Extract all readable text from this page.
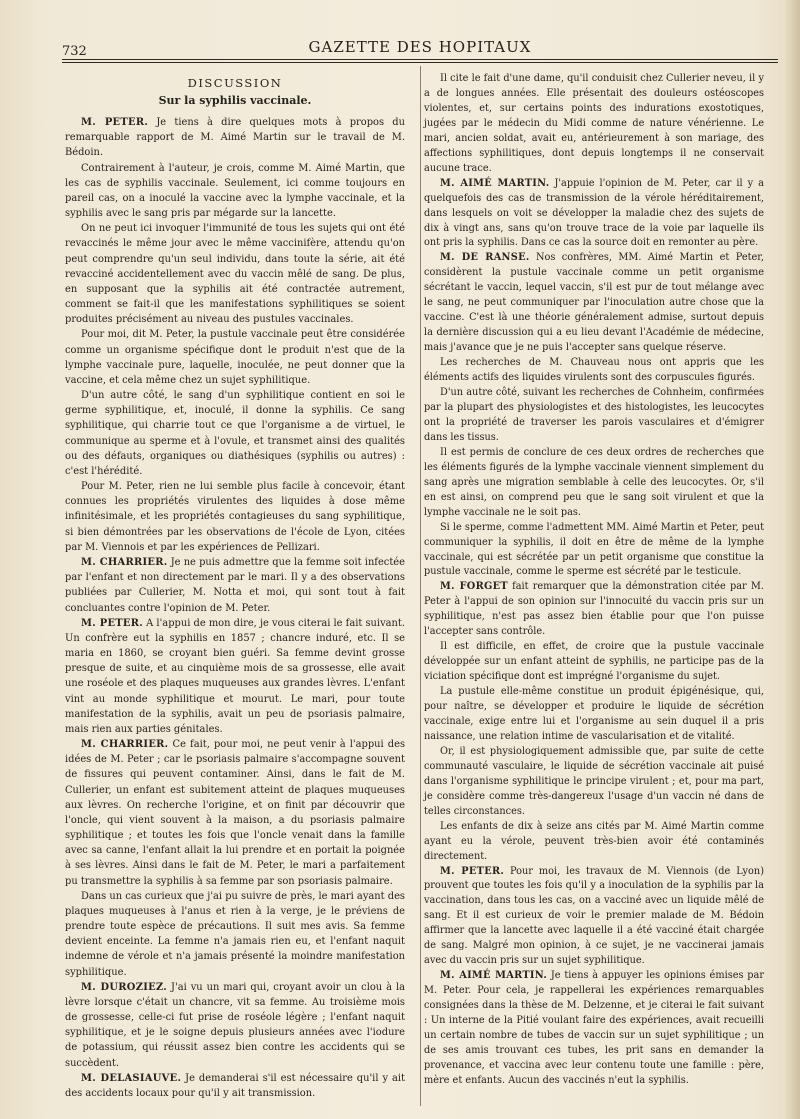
732	GAZETTE DES HOPITAUX
DISCUSSION
Sur la syphilis vaccinale.

M. PETER. Je tiens à dire quelques mots à propos du remarquable rapport de M. Aimé Martin sur le travail de M. Bédoin.

Contrairement à l'auteur, je crois, comme M. Aimé Martin, que les cas de syphilis vaccinale. Seulement, ici comme toujours en pareil cas, on a inoculé la vaccine avec la lymphe vaccinale, et la syphilis avec le sang pris par mégarde sur la lancette.

On ne peut ici invoquer l'immunité de tous les sujets qui ont été revaccinés le même jour avec le même vaccinifère, attendu qu'on peut comprendre qu'un seul individu, dans toute la série, ait été revacciné accidentellement avec du vaccin mêlé de sang. De plus, en supposant que la syphilis ait été contractée autrement, comment se fait-il que les manifestations syphilitiques se soient produites précisément au niveau des pustules vaccinales.

Pour moi, dit M. Peter, la pustule vaccinale peut être considérée comme un organisme spécifique dont le produit n'est que de la lymphe vaccinale pure, laquelle, inoculée, ne peut donner que la vaccine, et cela même chez un sujet syphilitique.

D'un autre côté, le sang d'un syphilitique contient en soi le germe syphilitique, et, inoculé, il donne la syphilis. Ce sang syphilitique, qui charrie tout ce que l'organisme a de virtuel, le communique au sperme et à l'ovule, et transmet ainsi des qualités ou des défauts, organiques ou diathésiques (syphilis ou autres) : c'est l'hérédité.

Pour M. Peter, rien ne lui semble plus facile à concevoir, étant connues les propriétés virulentes des liquides à dose même infinitésimale, et les propriétés contagieuses du sang syphilitique, si bien démontrées par les observations de l'école de Lyon, citées par M. Viennois et par les expériences de Pellizari.

M. CHARRIER. Je ne puis admettre que la femme soit infectée par l'enfant et non directement par le mari. Il y a des observations publiées par Cullerier, M. Notta et moi, qui sont tout à fait concluantes contre l'opinion de M. Peter.

M. PETER. A l'appui de mon dire, je vous citerai le fait suivant. Un confrère eut la syphilis en 1857 ; chancre induré, etc. Il se maria en 1860, se croyant bien guéri. Sa femme devint grosse presque de suite, et au cinquième mois de sa grossesse, elle avait une roséole et des plaques muqueuses aux grandes lèvres. L'enfant vint au monde syphilitique et mourut. Le mari, pour toute manifestation de la syphilis, avait un peu de psoriasis palmaire, mais rien aux parties génitales.

M. CHARRIER. Ce fait, pour moi, ne peut venir à l'appui des idées de M. Peter ; car le psoriasis palmaire s'accompagne souvent de fissures qui peuvent contaminer. Ainsi, dans le fait de M. Cullerier, un enfant est subitement atteint de plaques muqueuses aux lèvres. On recherche l'origine, et on finit par découvrir que l'oncle, qui vient souvent à la maison, a du psoriasis palmaire syphilitique ; et toutes les fois que l'oncle venait dans la famille avec sa canne, l'enfant allait la lui prendre et en portait la poignée à ses lèvres. Ainsi dans le fait de M. Peter, le mari a parfaitement pu transmettre la syphilis à sa femme par son psoriasis palmaire.

Dans un cas curieux que j'ai pu suivre de près, le mari ayant des plaques muqueuses à l'anus et rien à la verge, je le préviens de prendre toute espèce de précautions. Il suit mes avis. Sa femme devient enceinte. La femme n'a jamais rien eu, et l'enfant naquit indemne de vérole et n'a jamais présenté la moindre manifestation syphilitique.

M. DUROZIEZ. J'ai vu un mari qui, croyant avoir un clou à la lèvre lorsque c'était un chancre, vit sa femme. Au troisième mois de grossesse, celle-ci fut prise de roséole légère ; l'enfant naquit syphilitique, et je le soigne depuis plusieurs années avec l'iodure de potassium, qui réussit assez bien contre les accidents qui se succèdent.

M. DELASIAUVE. Je demanderai s'il est nécessaire qu'il y ait des accidents locaux pour qu'il y ait transmission.

Il cite le fait d'une dame, qu'il conduisit chez Cullerier neveu, il y a de longues années. Elle présentait des douleurs ostéoscopes violentes, et, sur certains points des indurations exostotiques, jugées par le médecin du Midi comme de nature vénérienne. Le mari, ancien soldat, avait eu, antérieurement à son mariage, des affections syphilitiques, dont depuis longtemps il ne conservait aucune trace.

M. AIMÉ MARTIN. J'appuie l'opinion de M. Peter, car il y a quelquefois des cas de transmission de la vérole héréditairement, dans lesquels on voit se développer la maladie chez des sujets de dix à vingt ans, sans qu'on trouve trace de la voie par laquelle ils ont pris la syphilis. Dans ce cas la source doit en remonter au père.

M. DE RANSE. Nos confrères, MM. Aimé Martin et Peter, considèrent la pustule vaccinale comme un petit organisme sécrétant le vaccin, lequel vaccin, s'il est pur de tout mélange avec le sang, ne peut communiquer par l'inoculation autre chose que la vaccine. C'est là une théorie généralement admise, surtout depuis la dernière discussion qui a eu lieu devant l'Académie de médecine, mais j'avance que je ne puis l'accepter sans quelque réserve.

Les recherches de M. Chauveau nous ont appris que les éléments actifs des liquides virulents sont des corpuscules figurés.

D'un autre côté, suivant les recherches de Cohnheim, confirmées par la plupart des physiologistes et des histologistes, les leucocytes ont la propriété de traverser les parois vasculaires et d'émigrer dans les tissus.

Il est permis de conclure de ces deux ordres de recherches que les éléments figurés de la lymphe vaccinale viennent simplement du sang après une migration semblable à celle des leucocytes. Or, s'il en est ainsi, on comprend peu que le sang soit virulent et que la lymphe vaccinale ne le soit pas.

Si le sperme, comme l'admettent MM. Aimé Martin et Peter, peut communiquer la syphilis, il doit en être de même de la lymphe vaccinale, qui est sécrétée par un petit organisme que constitue la pustule vaccinale, comme le sperme est sécrété par le testicule.

M. FORGET fait remarquer que la démonstration citée par M. Peter à l'appui de son opinion sur l'innocuité du vaccin pris sur un syphilitique, n'est pas assez bien établie pour que l'on puisse l'accepter sans contrôle.

Il est difficile, en effet, de croire que la pustule vaccinale développée sur un enfant atteint de syphilis, ne participe pas de la viciation spécifique dont est imprégné l'organisme du sujet.

La pustule elle-même constitue un produit épigénésique, qui, pour naître, se développer et produire le liquide de sécrétion vaccinale, exige entre lui et l'organisme au sein duquel il a pris naissance, une relation intime de vascularisation et de vitalité.

Or, il est physiologiquement admissible que, par suite de cette communauté vasculaire, le liquide de sécrétion vaccinale ait puisé dans l'organisme syphilitique le principe virulent ; et, pour ma part, je considère comme très-dangereux l'usage d'un vaccin né dans de telles circonstances.

Les enfants de dix à seize ans cités par M. Aimé Martin comme ayant eu la vérole, peuvent très-bien avoir été contaminés directement.

M. PETER. Pour moi, les travaux de M. Viennois (de Lyon) prouvent que toutes les fois qu'il y a inoculation de la syphilis par la vaccination, dans tous les cas, on a vacciné avec un liquide mêlé de sang. Et il est curieux de voir le premier malade de M. Bédoin affirmer que la lancette avec laquelle il a été vacciné était chargée de sang. Malgré mon opinion, à ce sujet, je ne vaccinerai jamais avec du vaccin pris sur un sujet syphilitique.

M. AIMÉ MARTIN. Je tiens à appuyer les opinions émises par M. Peter. Pour cela, je rappellerai les expériences remarquables consignées dans la thèse de M. Delzenne, et je citerai le fait suivant : Un interne de la Pitié voulant faire des expériences, avait recueilli un certain nombre de tubes de vaccin sur un sujet syphilitique ; un de ses amis trouvant ces tubes, les prit sans en demander la provenance, et vaccina avec leur contenu toute une famille : père, mère et enfants. Aucun des vaccinés n'eut la syphilis.
